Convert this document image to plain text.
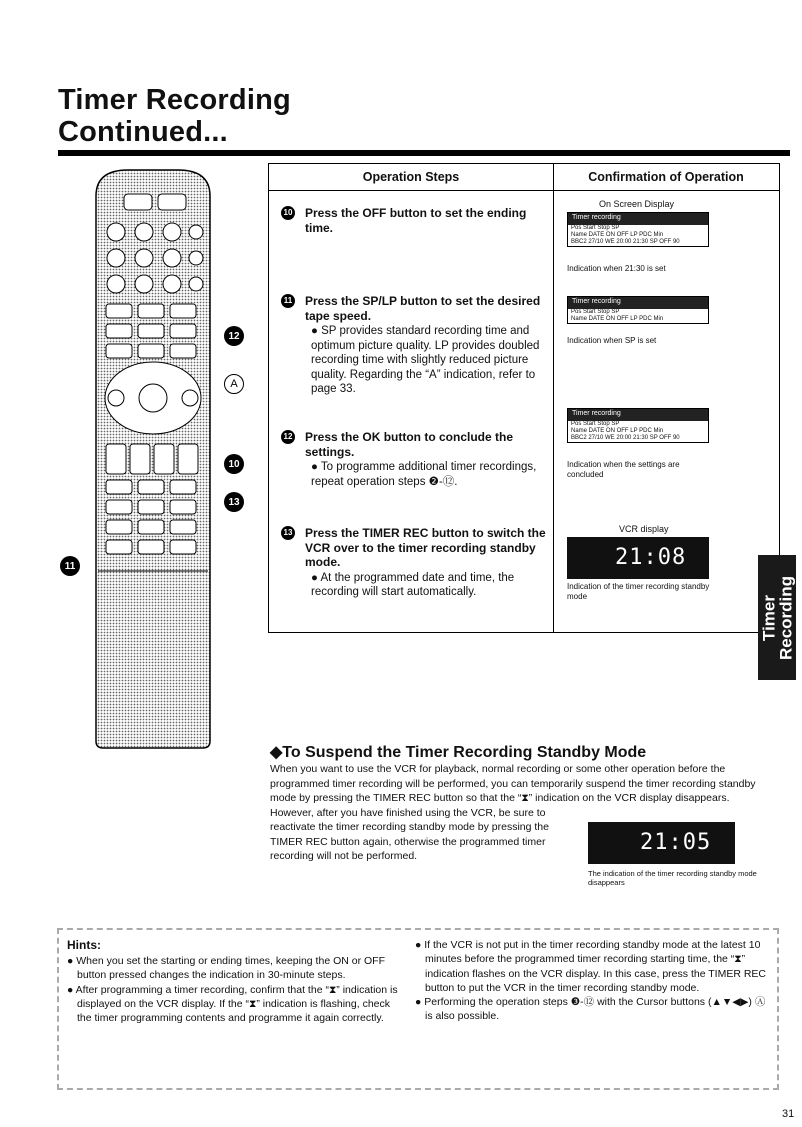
Timer Recording
Continued...
12
A
10
13
11
Operation Steps	Confirmation of Operation
10 Press the OFF button to set the ending time.
11 Press the SP/LP button to set the desired tape speed.
● SP provides standard recording time and optimum picture quality. LP provides doubled recording time with slightly reduced picture quality. Regarding the “A” indication, refer to page 33.
12 Press the OK button to conclude the settings.
● To programme additional timer recordings, repeat operation steps ❷-⑫.
13 Press the TIMER REC button to switch the VCR over to the timer recording standby mode.
● At the programmed date and time, the recording will start automatically.
On Screen Display
Timer recording
Pos Start Stop SP
Name DATE ON OFF LP PDC Min
BBC2 27/10 WE 20:00 21:30 SP OFF 90
Indication when 21:30 is set
Timer recording
Pos Start Stop SP
Name DATE ON OFF LP PDC Min
Indication when SP is set
Timer recording
Pos Start Stop SP
Name DATE ON OFF LP PDC Min
BBC2 27/10 WE 20:00 21:30 SP OFF 90
Indication when the settings are concluded
VCR display
21:08
Indication of the timer recording standby mode	Timer Recording
◆To Suspend the Timer Recording Standby Mode

When you want to use the VCR for playback, normal recording or some other operation before the programmed timer recording will be performed, you can temporarily suspend the timer recording standby mode by pressing the TIMER REC button so that the “⧗” indication on the VCR display disappears.

However, after you have finished using the VCR, be sure to reactivate the timer recording standby mode by pressing the TIMER REC button again, otherwise the programmed timer recording will not be performed.

21:05
The indication of the timer recording standby mode disappears
Hints:

● When you set the starting or ending times, keeping the ON or OFF button pressed changes the indication in 30-minute steps.

● After programming a timer recording, confirm that the “⧗” indication is displayed on the VCR display. If the “⧗” indication is flashing, check the timer programming contents and programme it again correctly.

● If the VCR is not put in the timer recording standby mode at the latest 10 minutes before the programmed timer recording starting time, the “⧗” indication flashes on the VCR display. In this case, press the TIMER REC button to put the VCR in the timer recording standby mode.

● Performing the operation steps ❸-⑫ with the Cursor buttons (▲▼◀▶) Ⓐ is also possible.

31
